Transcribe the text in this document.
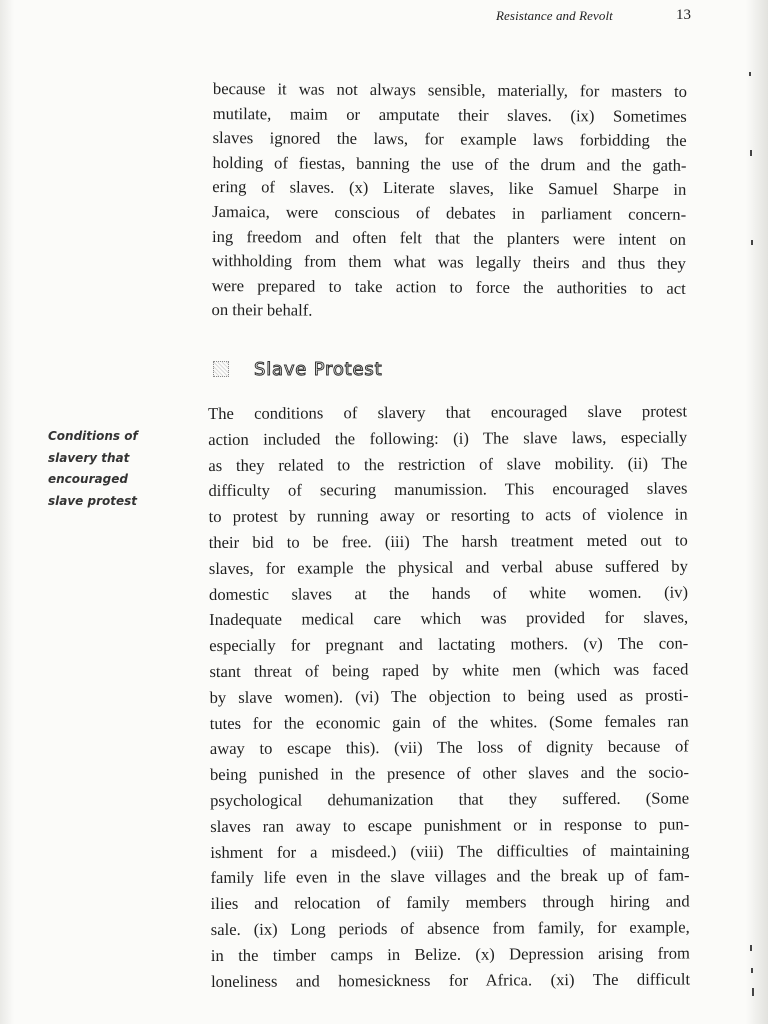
Resistance and Revolt	13

because it was not always sensible, materially, for masters to
mutilate, maim or amputate their slaves. (ix) Sometimes
slaves ignored the laws, for example laws forbidding the
holding of fiestas, banning the use of the drum and the gath-
ering of slaves. (x) Literate slaves, like Samuel Sharpe in
Jamaica, were conscious of debates in parliament concern-
ing freedom and often felt that the planters were intent on
withholding from them what was legally theirs and thus they
were prepared to take action to force the authorities to act
on their behalf.

Slave Protest
Conditions of
slavery that
encouraged
slave protest

The conditions of slavery that encouraged slave protest
action included the following: (i) The slave laws, especially
as they related to the restriction of slave mobility. (ii) The
difficulty of securing manumission. This encouraged slaves
to protest by running away or resorting to acts of violence in
their bid to be free. (iii) The harsh treatment meted out to
slaves, for example the physical and verbal abuse suffered by
domestic slaves at the hands of white women. (iv)
Inadequate medical care which was provided for slaves,
especially for pregnant and lactating mothers. (v) The con-
stant threat of being raped by white men (which was faced
by slave women). (vi) The objection to being used as prosti-
tutes for the economic gain of the whites. (Some females ran
away to escape this). (vii) The loss of dignity because of
being punished in the presence of other slaves and the socio-
psychological dehumanization that they suffered. (Some
slaves ran away to escape punishment or in response to pun-
ishment for a misdeed.) (viii) The difficulties of maintaining
family life even in the slave villages and the break up of fam-
ilies and relocation of family members through hiring and
sale. (ix) Long periods of absence from family, for example,
in the timber camps in Belize. (x) Depression arising from
loneliness and homesickness for Africa. (xi) The difficult
